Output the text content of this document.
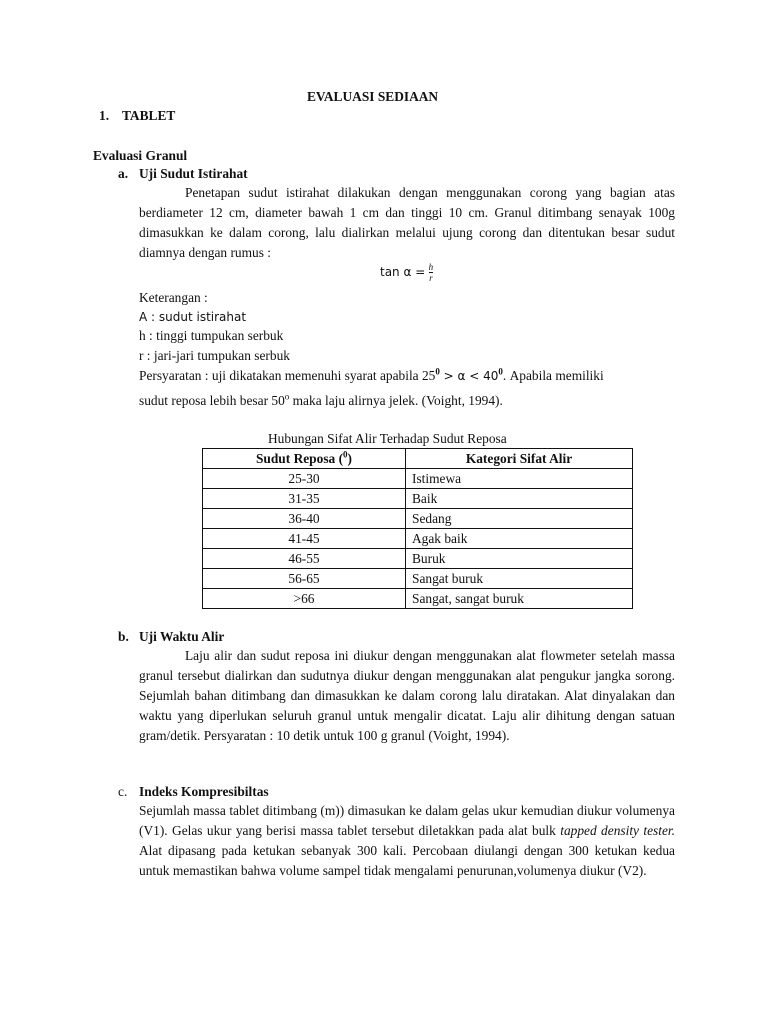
EVALUASI SEDIAAN
1. TABLET
Evaluasi Granul
a. Uji Sudut Istirahat
Penetapan sudut istirahat dilakukan dengan menggunakan corong yang bagian atas berdiameter 12 cm, diameter bawah 1 cm dan tinggi 10 cm. Granul ditimbang senayak 100g dimasukkan ke dalam corong, lalu dialirkan melalui ujung corong dan ditentukan besar sudut diamnya dengan rumus :
$\tan \alpha = \frac{h}{r}$
Keterangan :
A : sudut istirahat
h : tinggi tumpukan serbuk
r : jari-jari tumpukan serbuk
Persyaratan : uji dikatakan memenuhi syarat apabila $25^0 > \alpha < 40^0$. Apabila memiliki
sudut reposa lebih besar 50$^o$ maka laju alirnya jelek. (Voight, 1994).
Hubungan Sifat Alir Terhadap Sudut Reposa
Sudut Reposa ($^0$)	Kategori Sifat Alir
25-30	Istimewa
31-35	Baik
36-40	Sedang
41-45	Agak baik
46-55	Buruk
56-65	Sangat buruk
>66	Sangat, sangat buruk
b. Uji Waktu Alir
Laju alir dan sudut reposa ini diukur dengan menggunakan alat flowmeter setelah massa granul tersebut dialirkan dan sudutnya diukur dengan menggunakan alat pengukur jangka sorong. Sejumlah bahan ditimbang dan dimasukkan ke dalam corong lalu diratakan. Alat dinyalakan dan waktu yang diperlukan seluruh granul untuk mengalir dicatat. Laju alir dihitung dengan satuan gram/detik. Persyaratan : 10 detik untuk 100 g granul (Voight, 1994).
c. Indeks Kompresibiltas
Sejumlah massa tablet ditimbang (m)) dimasukan ke dalam gelas ukur kemudian diukur volumenya (V1). Gelas ukur yang berisi massa tablet tersebut diletakkan pada alat bulk tapped density tester. Alat dipasang pada ketukan sebanyak 300 kali. Percobaan diulangi dengan 300 ketukan kedua untuk memastikan bahwa volume sampel tidak mengalami penurunan,volumenya diukur (V2).
